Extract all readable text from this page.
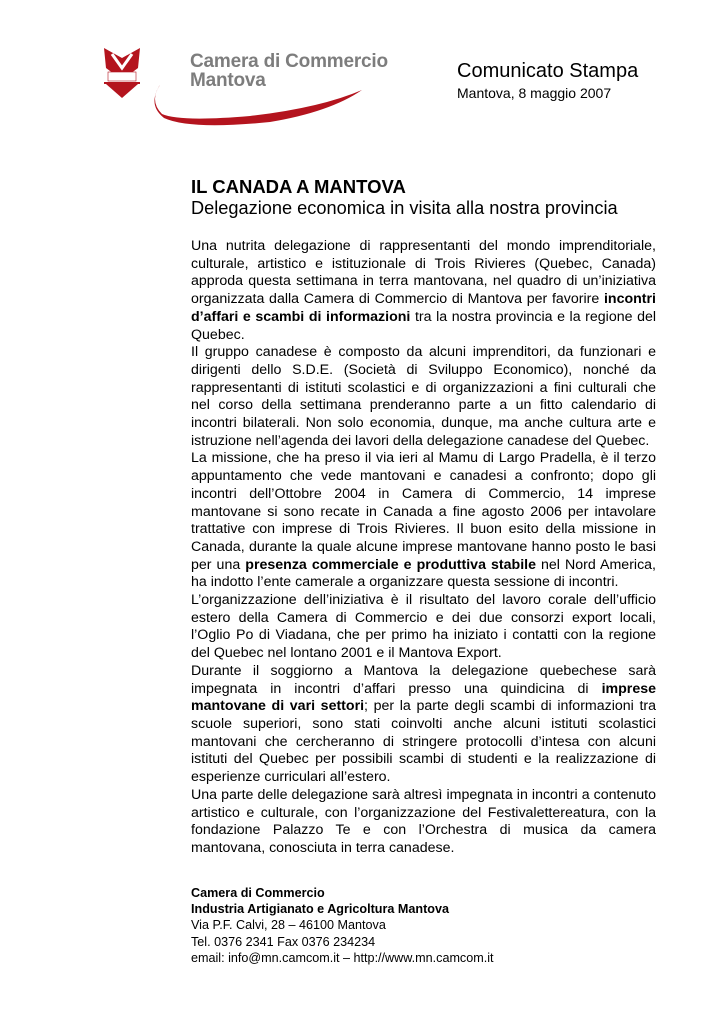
Camera di Commercio
Mantova	Comunicato Stampa
Mantova, 8 maggio 2007
IL CANADA A MANTOVA
Delegazione economica in visita alla nostra provincia

Una nutrita delegazione di rappresentanti del mondo imprenditoriale, culturale, artistico e istituzionale di Trois Rivieres (Quebec, Canada) approda questa settimana in terra mantovana, nel quadro di un’iniziativa organizzata dalla Camera di Commercio di Mantova per favorire incontri d’affari e scambi di informazioni tra la nostra provincia e la regione del Quebec.

Il gruppo canadese è composto da alcuni imprenditori, da funzionari e dirigenti dello S.D.E. (Società di Sviluppo Economico), nonché da rappresentanti di istituti scolastici e di organizzazioni a fini culturali che nel corso della settimana prenderanno parte a un fitto calendario di incontri bilaterali. Non solo economia, dunque, ma anche cultura arte e istruzione nell’agenda dei lavori della delegazione canadese del Quebec.

La missione, che ha preso il via ieri al Mamu di Largo Pradella, è il terzo appuntamento che vede mantovani e canadesi a confronto; dopo gli incontri dell’Ottobre 2004 in Camera di Commercio, 14 imprese mantovane si sono recate in Canada a fine agosto 2006 per intavolare trattative con imprese di Trois Rivieres. Il buon esito della missione in Canada, durante la quale alcune imprese mantovane hanno posto le basi per una presenza commerciale e produttiva stabile nel Nord America, ha indotto l’ente camerale a organizzare questa sessione di incontri.

L’organizzazione dell’iniziativa è il risultato del lavoro corale dell’ufficio estero della Camera di Commercio e dei due consorzi export locali, l’Oglio Po di Viadana, che per primo ha iniziato i contatti con la regione del Quebec nel lontano 2001 e il Mantova Export.

Durante il soggiorno a Mantova la delegazione quebechese sarà impegnata in incontri d’affari presso una quindicina di imprese mantovane di vari settori; per la parte degli scambi di informazioni tra scuole superiori, sono stati coinvolti anche alcuni istituti scolastici mantovani che cercheranno di stringere protocolli d’intesa con alcuni istituti del Quebec per possibili scambi di studenti e la realizzazione di esperienze curriculari all’estero.

Una parte delle delegazione sarà altresì impegnata in incontri a contenuto artistico e culturale, con l’organizzazione del Festivalettereatura, con la fondazione Palazzo Te e con l’Orchestra di musica da camera mantovana, conosciuta in terra canadese.

Camera di Commercio
Industria Artigianato e Agricoltura Mantova
Via P.F. Calvi, 28 – 46100 Mantova
Tel. 0376 2341 Fax 0376 234234
email: info@mn.camcom.it – http://www.mn.camcom.it
